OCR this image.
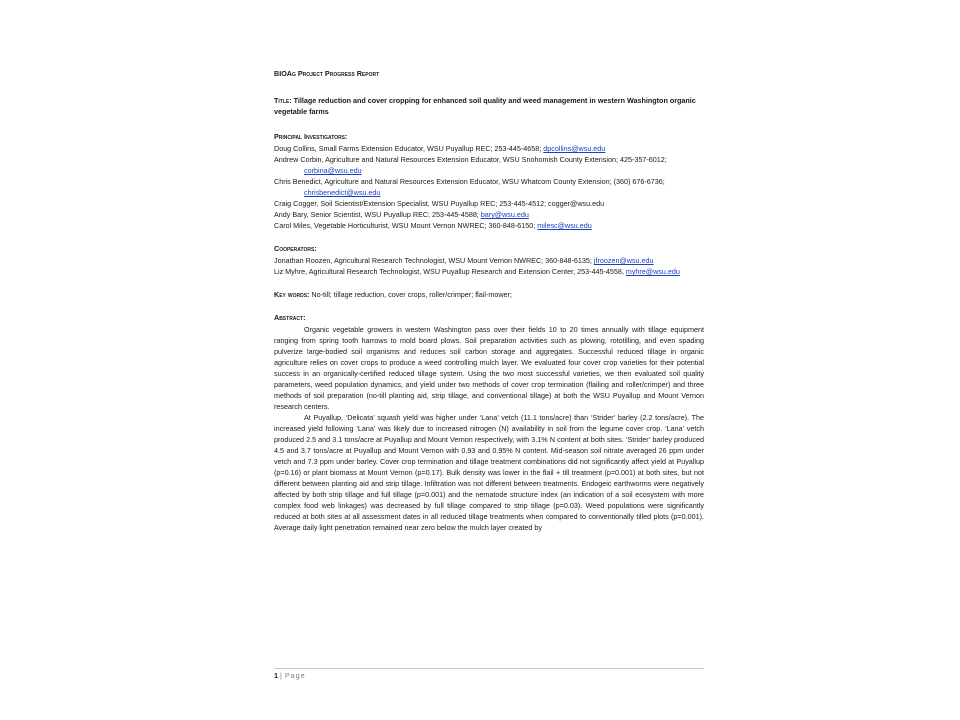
BIOAg Project Progress Report
Title: Tillage reduction and cover cropping for enhanced soil quality and weed management in western Washington organic vegetable farms
Principal Investigators:
Doug Collins, Small Farms Extension Educator, WSU Puyallup REC; 253-445-4658; dpcollins@wsu.edu
Andrew Corbin, Agriculture and Natural Resources Extension Educator, WSU Snohomish County Extension; 425-357-6012; corbina@wsu.edu
Chris Benedict, Agriculture and Natural Resources Extension Educator, WSU Whatcom County Extension; (360) 676-6736; chrisbenedict@wsu.edu
Craig Cogger, Soil Scientist/Extension Specialist, WSU Puyallup REC; 253-445-4512; cogger@wsu.edu
Andy Bary, Senior Scientist, WSU Puyallup REC; 253-445-4588; bary@wsu.edu
Carol Miles, Vegetable Horticulturist, WSU Mount Vernon NWREC; 360-848-6150; milesc@wsu.edu
Cooperators:
Jonathan Roozen, Agricultural Research Technologist, WSU Mount Vernon NWREC; 360-848-6135; jfroozen@wsu.edu
Liz Myhre, Agricultural Research Technologist, WSU Puyallup Research and Extension Center, 253-445-4558, myhre@wsu.edu
Key words: No-till; tillage reduction, cover crops, roller/crimper; flail-mower;
Abstract:
Organic vegetable growers in western Washington pass over their fields 10 to 20 times annually with tillage equipment ranging from spring tooth harrows to mold board plows. Soil preparation activities such as plowing, rototilling, and even spading pulverize large-bodied soil organisms and reduces soil carbon storage and aggregates. Successful reduced tillage in organic agriculture relies on cover crops to produce a weed controlling mulch layer. We evaluated four cover crop varieties for their potential success in an organically-certified reduced tillage system. Using the two most successful varieties, we then evaluated soil quality parameters, weed population dynamics, and yield under two methods of cover crop termination (flailing and roller/crimper) and three methods of soil preparation (no-till planting aid, strip tillage, and conventional tillage) at both the WSU Puyallup and Mount Vernon research centers.
At Puyallup, ‘Delicata’ squash yield was higher under ‘Lana’ vetch (11.1 tons/acre) than ‘Strider’ barley (2.2 tons/acre). The increased yield following ‘Lana’ was likely due to increased nitrogen (N) availability in soil from the legume cover crop. ‘Lana’ vetch produced 2.5 and 3.1 tons/acre at Puyallup and Mount Vernon respectively, with 3.1% N content at both sites. ‘Strider’ barley produced 4.5 and 3.7 tons/acre at Puyallup and Mount Vernon with 0.93 and 0.95% N content. Mid-season soil nitrate averaged 26 ppm under vetch and 7.3 ppm under barley. Cover crop termination and tillage treatment combinations did not significantly affect yield at Puyallup (p=0.16) or plant biomass at Mount Vernon (p=0.17). Bulk density was lower in the flail + till treatment (p=0.001) at both sites, but not different between planting aid and strip tillage. Infiltration was not different between treatments. Endogeic earthworms were negatively affected by both strip tillage and full tillage (p=0.001) and the nematode structure index (an indication of a soil ecosystem with more complex food web linkages) was decreased by full tillage compared to strip tillage (p=0.03). Weed populations were significantly reduced at both sites at all assessment dates in all reduced tillage treatments when compared to conventionally tilled plots (p=0.001). Average daily light penetration remained near zero below the mulch layer created by
1 | Page
